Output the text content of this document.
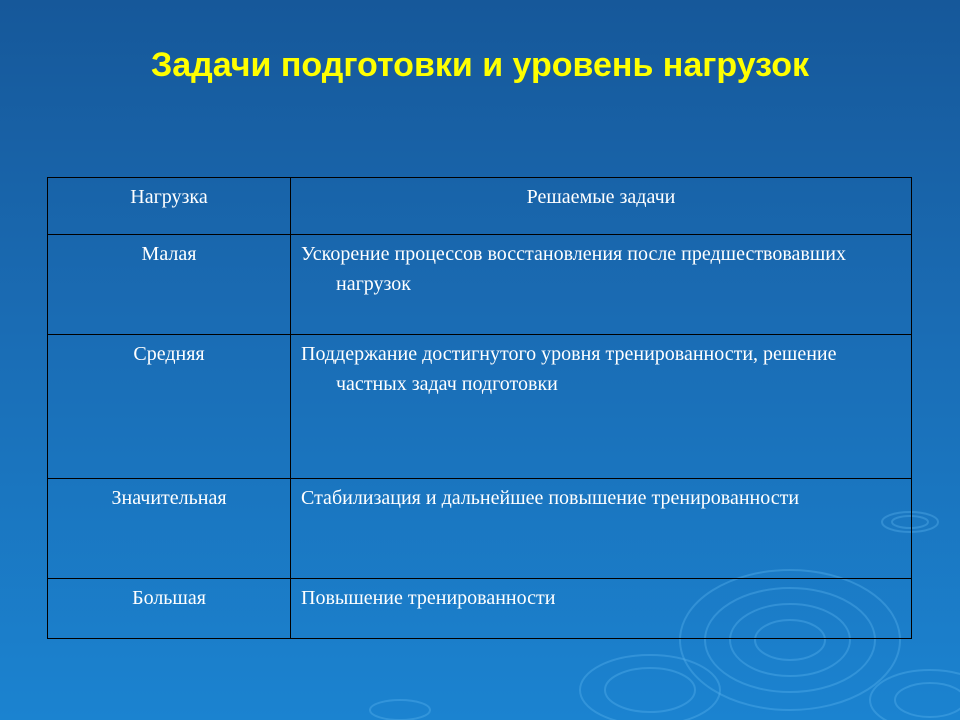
Задачи подготовки и уровень нагрузок
Нагрузка	Решаемые задачи

Малая	Ускорение процессов восстановления после предшествовавших нагрузок

Средняя	Поддержание достигнутого уровня тренированности, решение частных задач подготовки

Значительная	Стабилизация и дальнейшее повышение тренированности

Большая	Повышение тренированности
